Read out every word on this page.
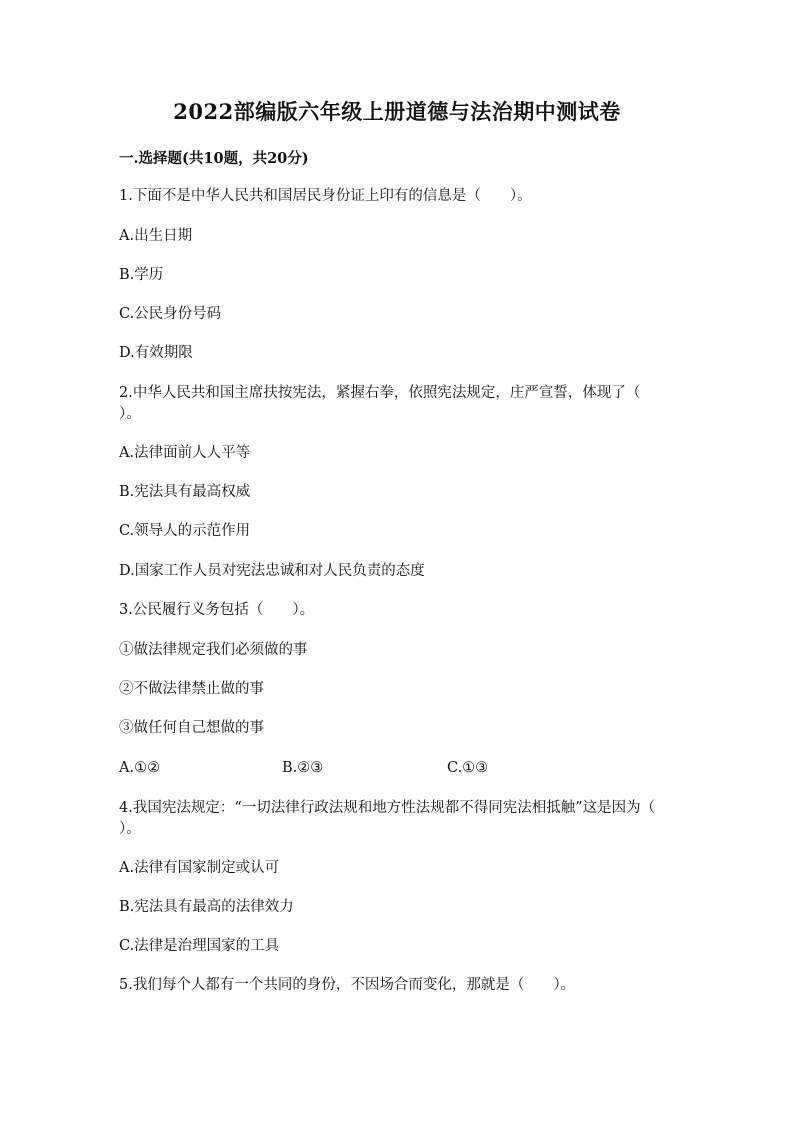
2022部编版六年级上册道德与法治期中测试卷
一.选择题(共10题，共20分)
1.下面不是中华人民共和国居民身份证上印有的信息是（　　）。
A.出生日期
B.学历
C.公民身份号码
D.有效期限
2.中华人民共和国主席扶按宪法，紧握右拳，依照宪法规定，庄严宣誓，体现了（　　）。
A.法律面前人人平等
B.宪法具有最高权威
C.领导人的示范作用
D.国家工作人员对宪法忠诚和对人民负责的态度
3.公民履行义务包括（　　）。
①做法律规定我们必须做的事
②不做法律禁止做的事
③做任何自己想做的事
A.①②	B.②③	C.①③
4.我国宪法规定：“一切法律行政法规和地方性法规都不得同宪法相抵触”这是因为（　　）。
A.法律有国家制定或认可
B.宪法具有最高的法律效力
C.法律是治理国家的工具
5.我们每个人都有一个共同的身份，不因场合而变化，那就是（　　）。
